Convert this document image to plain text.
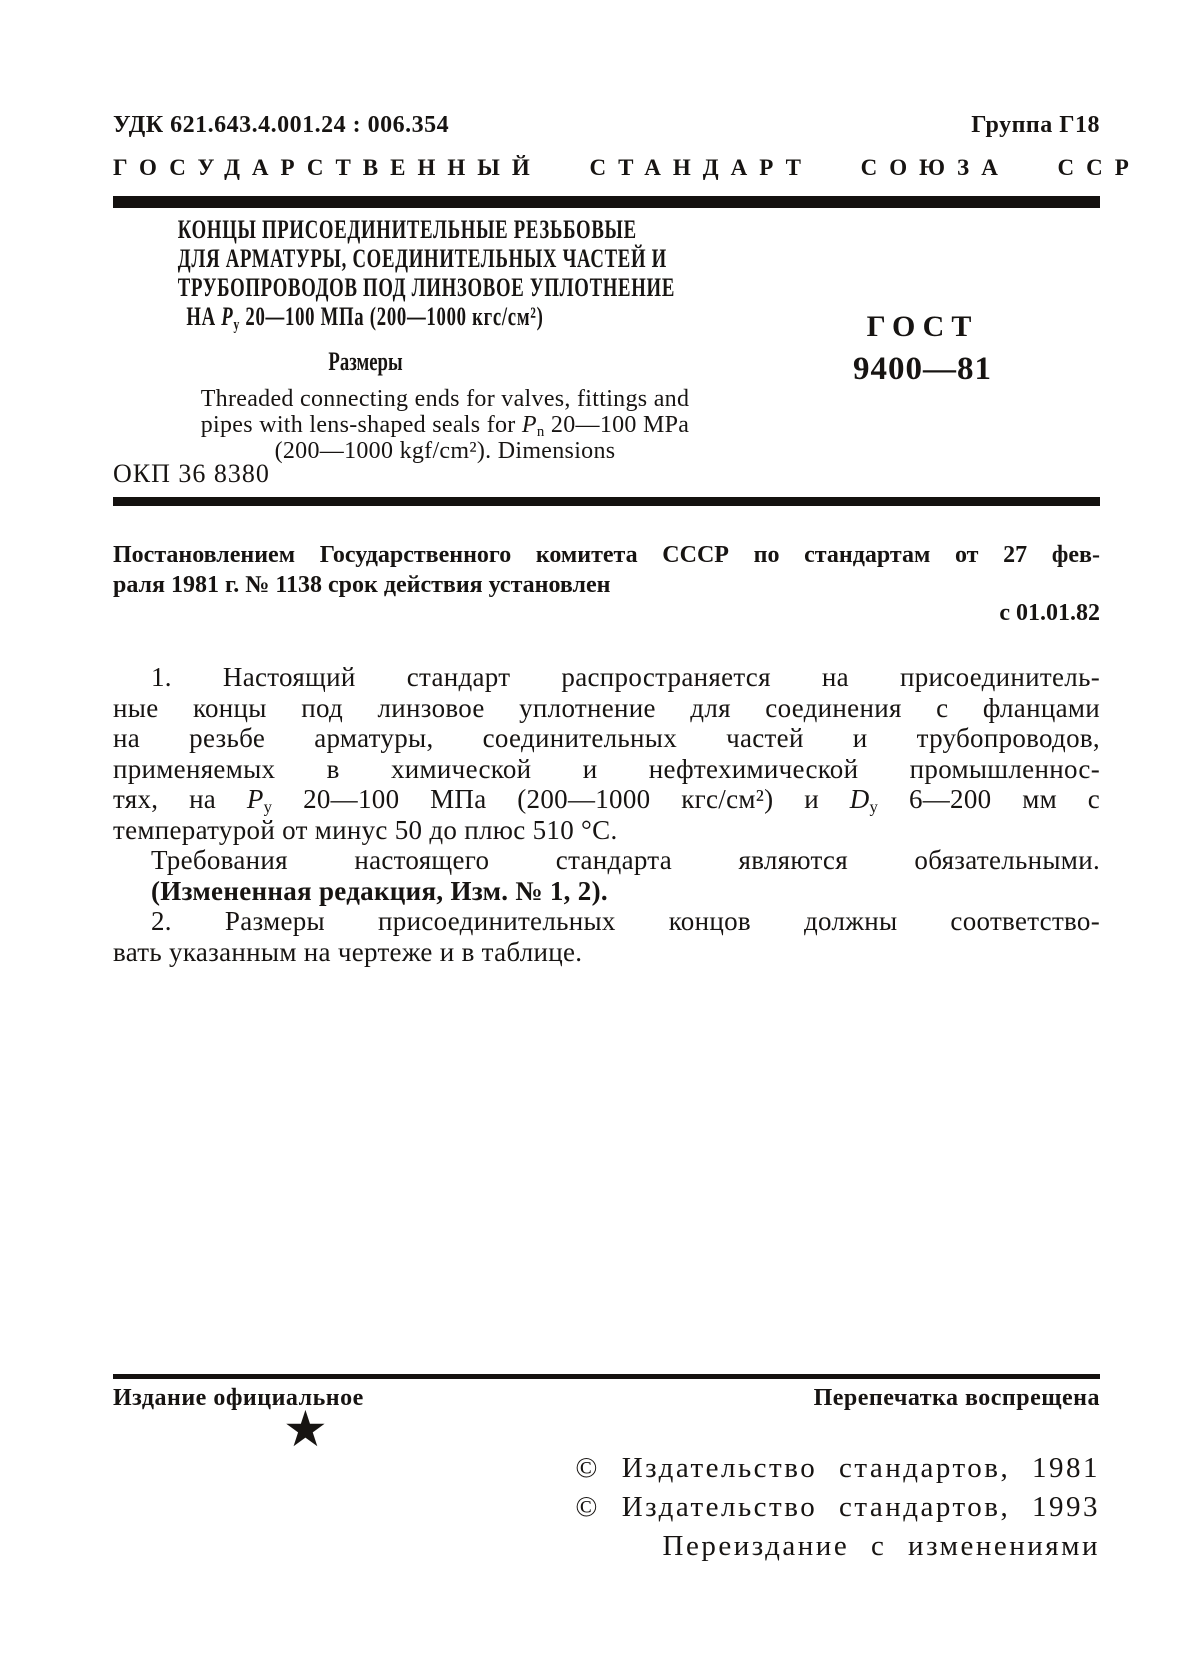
УДК 621.643.4.001.24 : 006.354	Группа Г18
ГОСУДАРСТВЕННЫЙ СТАНДАРТ СОЮЗА ССР
КОНЦЫ ПРИСОЕДИНИТЕЛЬНЫЕ РЕЗЬБОВЫЕ
ДЛЯ АРМАТУРЫ, СОЕДИНИТЕЛЬНЫХ ЧАСТЕЙ И
ТРУБОПРОВОДОВ ПОД ЛИНЗОВОЕ УПЛОТНЕНИЕ
НА $P_у$ 20—100 МПа (200—1000 кгс/см²)
Размеры
Threaded connecting ends for valves, fittings and
pipes with lens-shaped seals for $P_n$ 20—100 MPa
(200—1000 kgf/cm²). Dimensions
ОКП 36 8380
ГОСТ
9400—81
Постановлением Государственного комитета СССР по стандартам от 27 фев-
раля 1981 г. № 1138 срок действия установлен
с 01.01.82
1. Настоящий стандарт распространяется на присоединитель-
ные концы под линзовое уплотнение для соединения с фланцами
на резьбе арматуры, соединительных частей и трубопроводов,
применяемых в химической и нефтехимической промышленнос-
тях, на $P_у$ 20—100 МПа (200—1000 кгс/см²) и $D_у$ 6—200 мм с
температурой от минус 50 до плюс 510 °С.
Требования настоящего стандарта являются обязательными.
(Измененная редакция, Изм. № 1, 2).
2. Размеры присоединительных концов должны соответство-
вать указанным на чертеже и в таблице.
Издание официальное	Перепечатка воспрещена
★
© Издательство стандартов, 1981
© Издательство стандартов, 1993
Переиздание с изменениями
